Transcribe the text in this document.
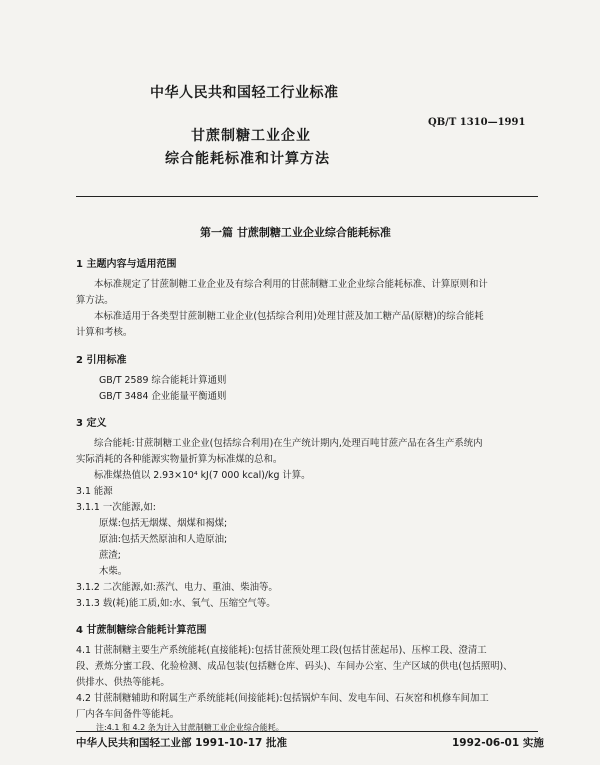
中华人民共和国轻工行业标准
QB/T 1310—1991
甘蔗制糖工业企业
综合能耗标准和计算方法
第一篇 甘蔗制糖工业企业综合能耗标准
1 主题内容与适用范围
本标准规定了甘蔗制糖工业企业及有综合利用的甘蔗制糖工业企业综合能耗标准、计算原则和计
算方法。
本标准适用于各类型甘蔗制糖工业企业(包括综合利用)处理甘蔗及加工糖产品(原糖)的综合能耗
计算和考核。
2 引用标准
GB/T 2589 综合能耗计算通则
GB/T 3484 企业能量平衡通则
3 定义
综合能耗:甘蔗制糖工业企业(包括综合利用)在生产统计期内,处理百吨甘蔗产品在各生产系统内
实际消耗的各种能源实物量折算为标准煤的总和。
标准煤热值以 2.93×10⁴ kJ(7 000 kcal)/kg 计算。
3.1 能源
3.1.1 一次能源,如:
原煤:包括无烟煤、烟煤和褐煤;
原油:包括天然原油和人造原油;
蔗渣;
木柴。
3.1.2 二次能源,如:蒸汽、电力、重油、柴油等。
3.1.3 载(耗)能工质,如:水、氧气、压缩空气等。
4 甘蔗制糖综合能耗计算范围
4.1 甘蔗制糖主要生产系统能耗(直接能耗):包括甘蔗预处理工段(包括甘蔗起吊)、压榨工段、澄清工
段、煮炼分蜜工段、化验检测、成品包装(包括糖仓库、码头)、车间办公室、生产区域的供电(包括照明)、
供排水、供热等能耗。
4.2 甘蔗制糖辅助和附属生产系统能耗(间接能耗):包括锅炉车间、发电车间、石灰窑和机修车间加工
厂内各车间备件等能耗。
注:4.1 和 4.2 条为计入甘蔗制糖工业企业综合能耗。
中华人民共和国轻工业部 1991-10-17 批准	1992-06-01 实施
